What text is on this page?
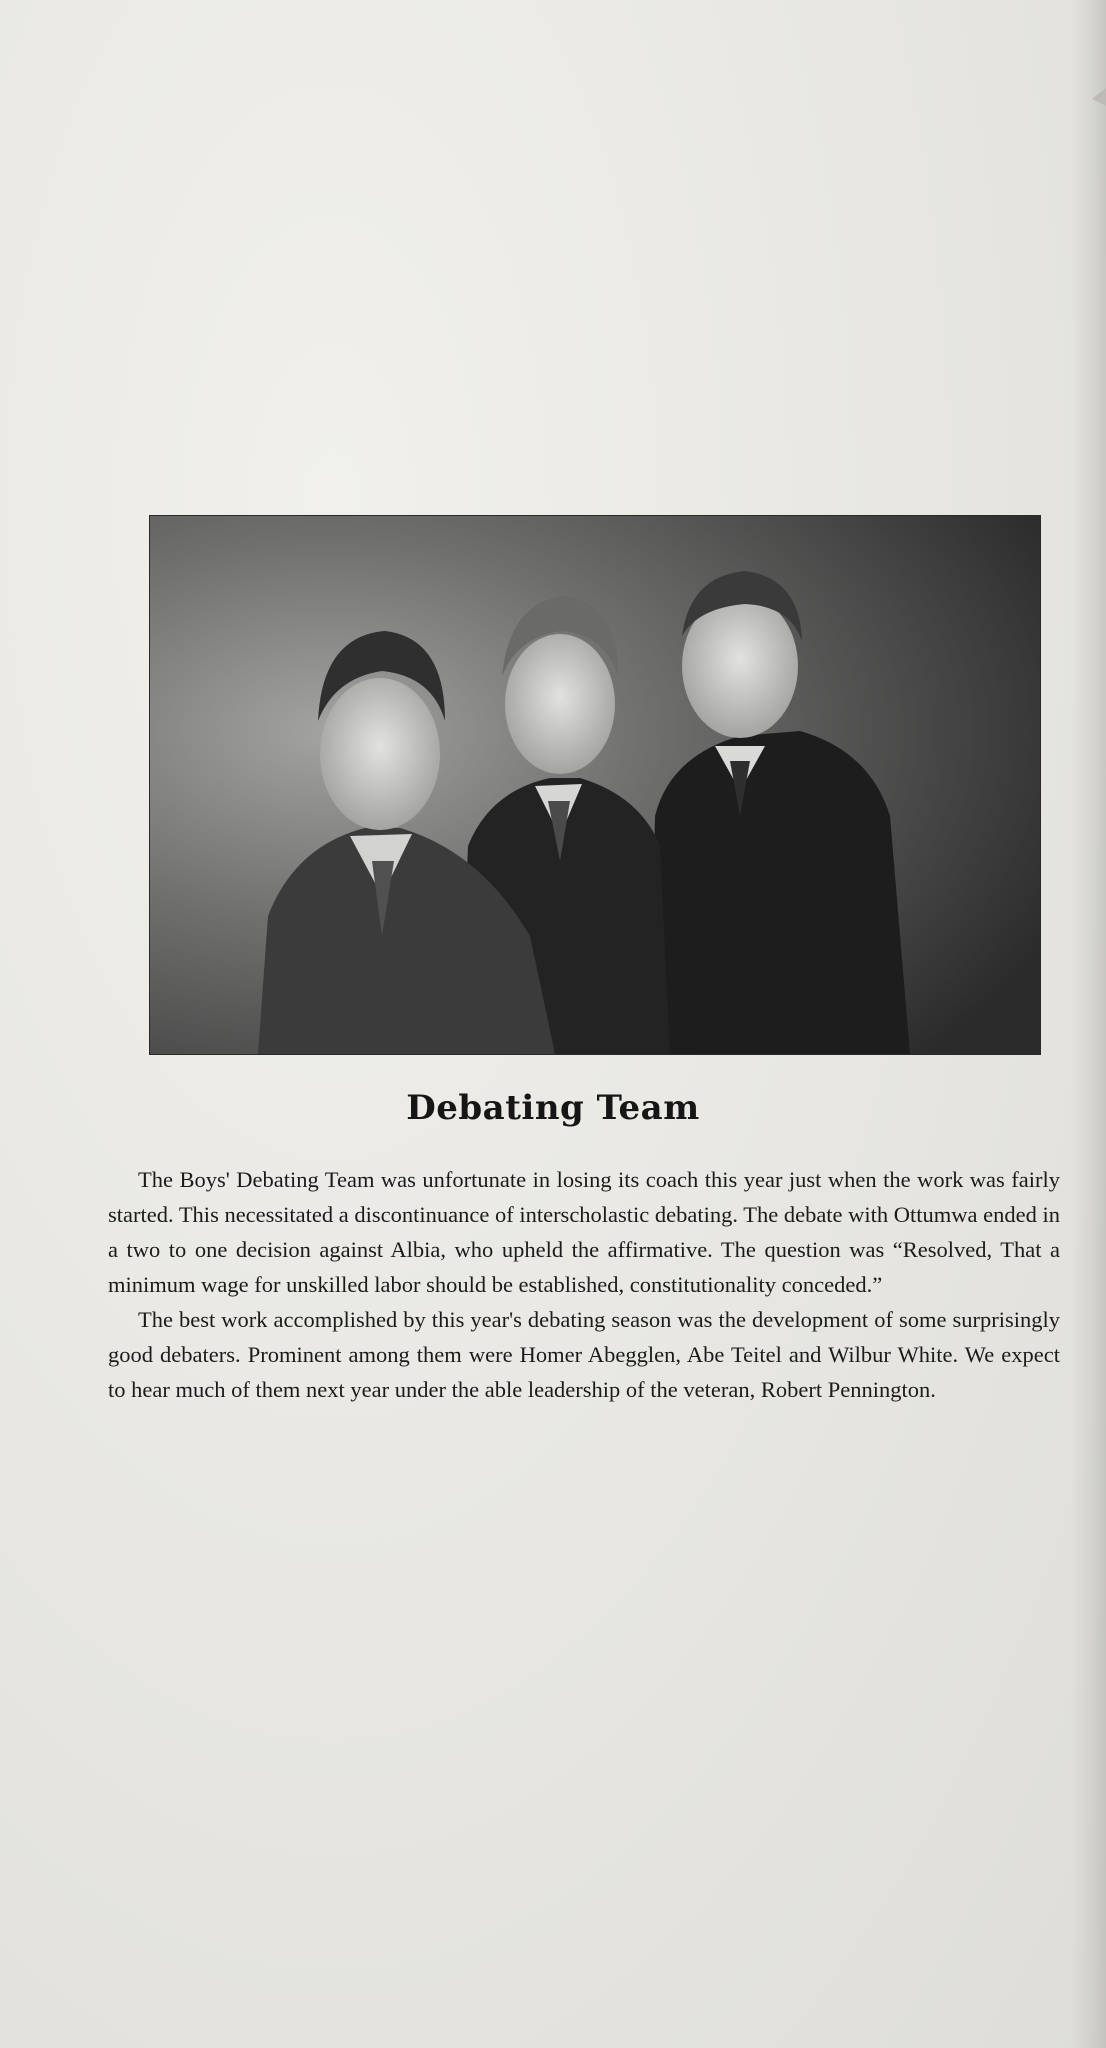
Debating Team

The Boys' Debating Team was unfortunate in losing its coach this year just when the work was fairly started. This necessitated a discontinuance of interscholastic debating. The debate with Ottumwa ended in a two to one decision against Albia, who upheld the affirmative. The question was “Resolved, That a minimum wage for unskilled labor should be established, constitutionality conceded.”

The best work accomplished by this year's debating season was the development of some surprisingly good debaters. Prominent among them were Homer Abegglen, Abe Teitel and Wilbur White. We expect to hear much of them next year under the able leadership of the veteran, Robert Pennington.
